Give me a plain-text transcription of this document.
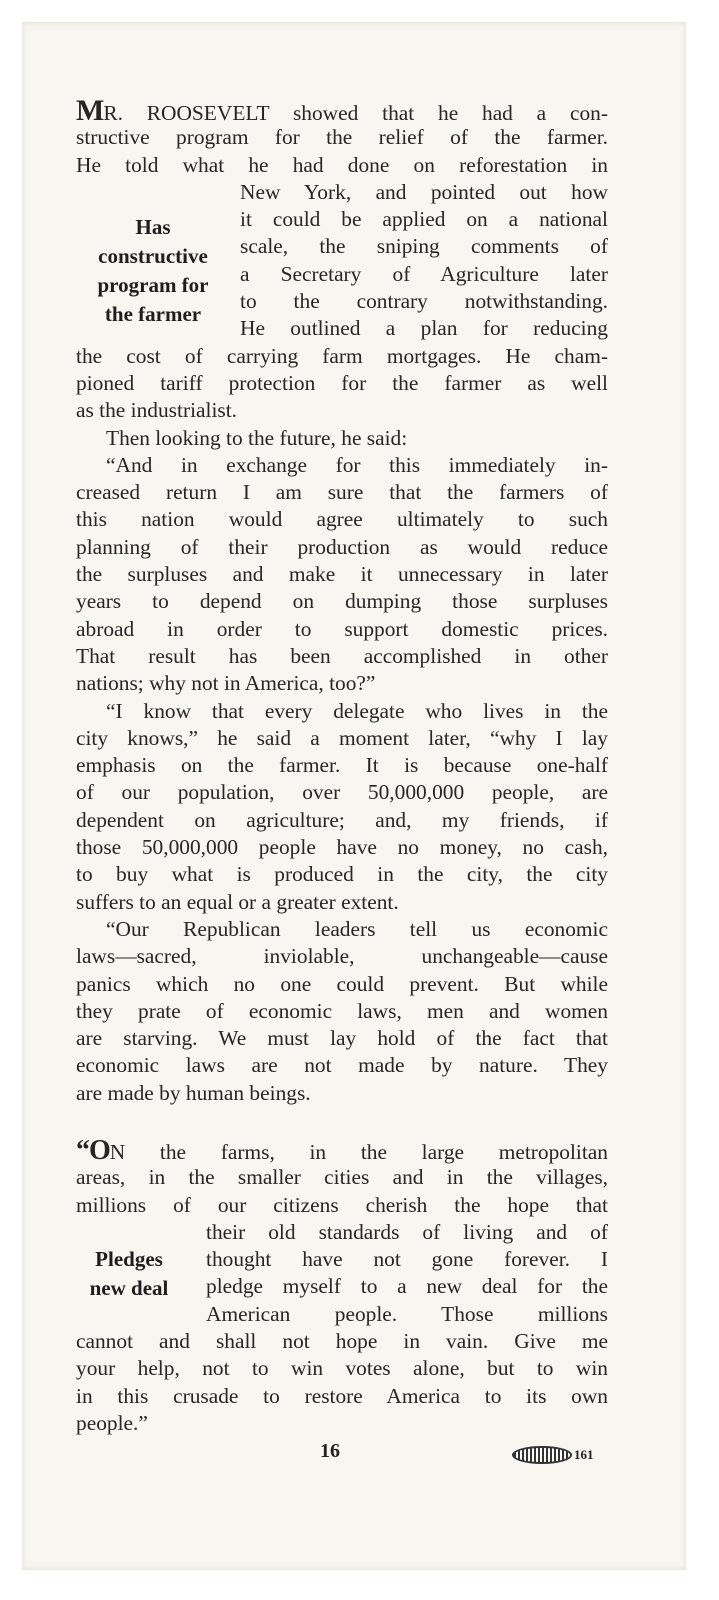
MR. ROOSEVELT showed that he had a con-
structive program for the relief of the farmer.
He told what he had done on reforestation in
New York, and pointed out how
it could be applied on a national
scale, the sniping comments of
a Secretary of Agriculture later
to the contrary notwithstanding.
He outlined a plan for reducing
the cost of carrying farm mortgages. He cham-
pioned tariff protection for the farmer as well
as the industrialist.
Then looking to the future, he said:
“And in exchange for this immediately in-
creased return I am sure that the farmers of
this nation would agree ultimately to such
planning of their production as would reduce
the surpluses and make it unnecessary in later
years to depend on dumping those surpluses
abroad in order to support domestic prices.
That result has been accomplished in other
nations; why not in America, too?”
“I know that every delegate who lives in the
city knows,” he said a moment later, “why I lay
emphasis on the farmer. It is because one-half
of our population, over 50,000,000 people, are
dependent on agriculture; and, my friends, if
those 50,000,000 people have no money, no cash,
to buy what is produced in the city, the city
suffers to an equal or a greater extent.
“Our Republican leaders tell us economic
laws—sacred, inviolable, unchangeable—cause
panics which no one could prevent. But while
they prate of economic laws, men and women
are starving. We must lay hold of the fact that
economic laws are not made by nature. They
are made by human beings.
Has
constructive
program for
the farmer
“ON the farms, in the large metropolitan
areas, in the smaller cities and in the villages,
millions of our citizens cherish the hope that
their old standards of living and of
thought have not gone forever. I
pledge myself to a new deal for the
American people. Those millions
cannot and shall not hope in vain. Give me
your help, not to win votes alone, but to win
in this crusade to restore America to its own
people.”
Pledges
new deal
16	161
